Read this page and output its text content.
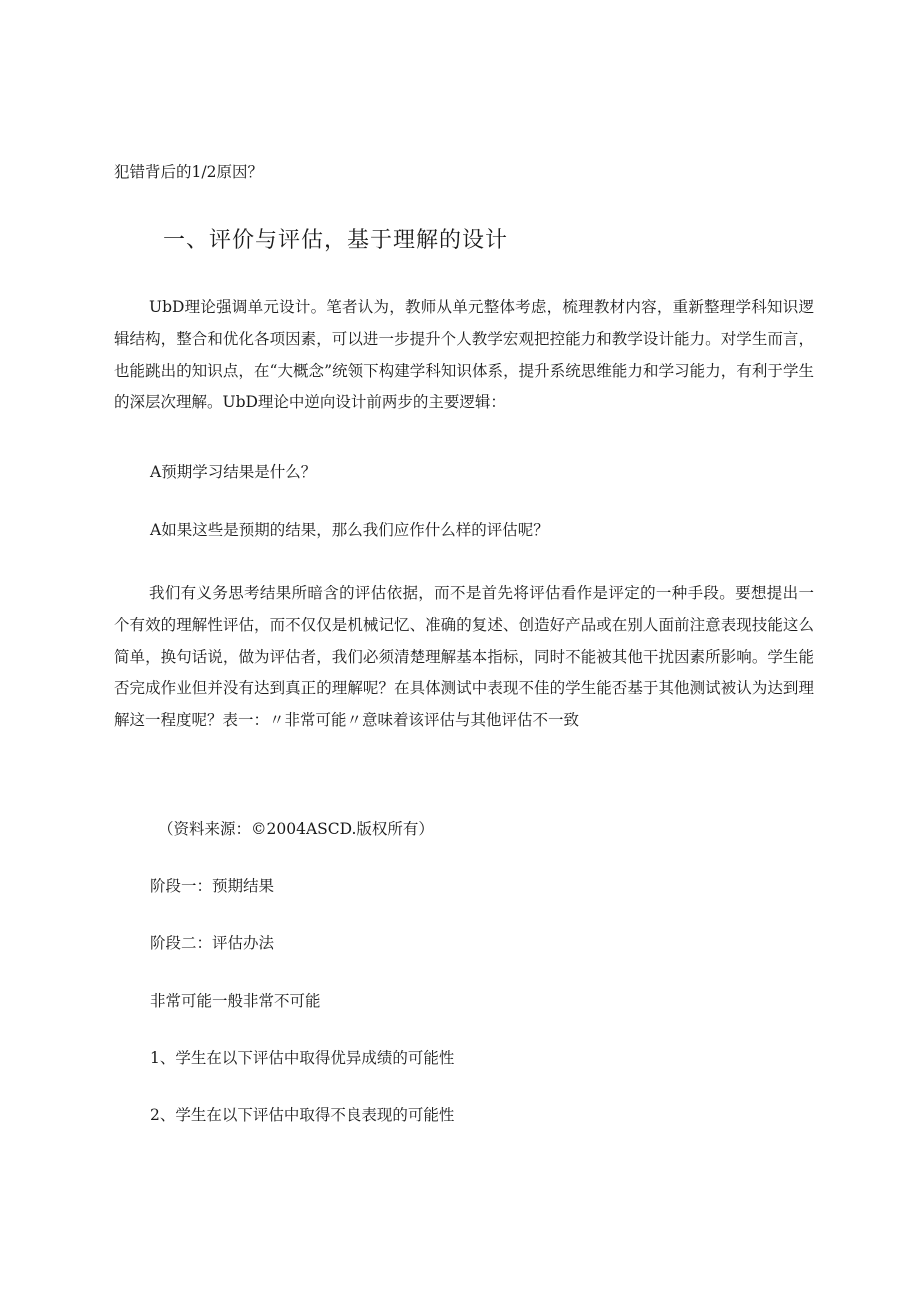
犯错背后的1/2原因？

一、评价与评估，基于理解的设计

UbD理论强调单元设计。笔者认为，教师从单元整体考虑，梳理教材内容，重新整理学科知识逻辑结构，整合和优化各项因素，可以进一步提升个人教学宏观把控能力和教学设计能力。对学生而言，也能跳出的知识点，在“大概念”统领下构建学科知识体系，提升系统思维能力和学习能力，有利于学生的深层次理解。UbD理论中逆向设计前两步的主要逻辑：

A预期学习结果是什么？

A如果这些是预期的结果，那么我们应作什么样的评估呢？

我们有义务思考结果所暗含的评估依据，而不是首先将评估看作是评定的一种手段。要想提出一个有效的理解性评估，而不仅仅是机械记忆、准确的复述、创造好产品或在别人面前注意表现技能这么简单，换句话说，做为评估者，我们必须清楚理解基本指标，同时不能被其他干扰因素所影响。学生能否完成作业但并没有达到真正的理解呢？在具体测试中表现不佳的学生能否基于其他测试被认为达到理解这一程度呢？表一：〃非常可能〃意味着该评估与其他评估不一致

（资料来源：©2004ASCD.版权所有）

阶段一：预期结果

阶段二：评估办法

非常可能一般非常不可能

1、学生在以下评估中取得优异成绩的可能性

2、学生在以下评估中取得不良表现的可能性
